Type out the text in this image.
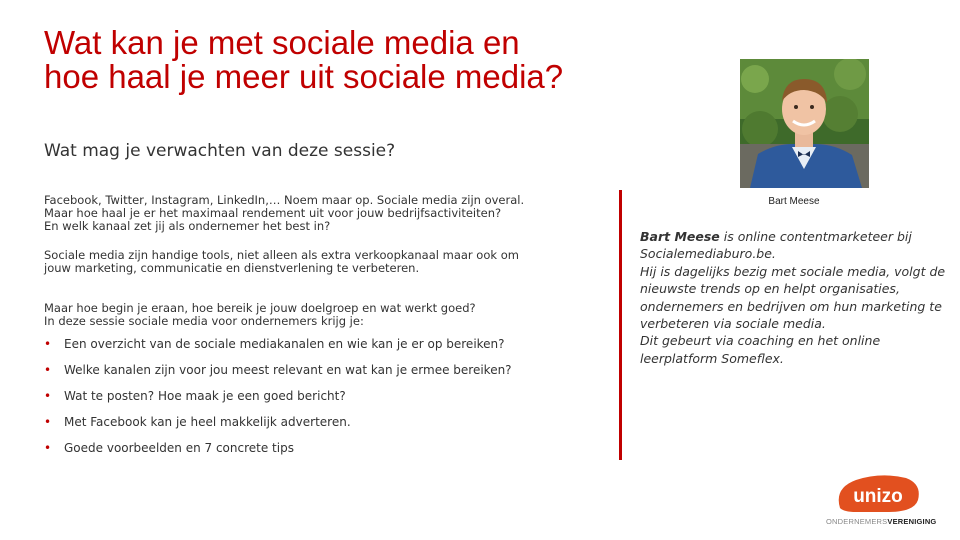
Wat kan je met sociale media en
hoe haal je meer uit sociale media?
Wat mag je verwachten van deze sessie?

Facebook, Twitter, Instagram, LinkedIn,… Noem maar op. Sociale media zijn overal.
Maar hoe haal je er het maximaal rendement uit voor jouw bedrijfsactiviteiten?
En welk kanaal zet jij als ondernemer het best in?

Sociale media zijn handige tools, niet alleen als extra verkoopkanaal maar ook om
jouw marketing, communicatie en dienstverlening te verbeteren.

Maar hoe begin je eraan, hoe bereik je jouw doelgroep en wat werkt goed?
In deze sessie sociale media voor ondernemers krijg je:

• Een overzicht van de sociale mediakanalen en wie kan je er op bereiken?
• Welke kanalen zijn voor jou meest relevant en wat kan je ermee bereiken?
• Wat te posten? Hoe maak je een goed bericht?
• Met Facebook kan je heel makkelijk adverteren.
• Goede voorbeelden en 7 concrete tips
Bart Meese

Bart Meese is online contentmarketeer bij
Socialemediaburo.be.
Hij is dagelijks bezig met sociale media, volgt de
nieuwste trends op en helpt organisaties,
ondernemers en bedrijven om hun marketing te
verbeteren via sociale media.
Dit gebeurt via coaching en het online
leerplatform Someflex.

unizo
ONDERNEMERSVERENIGING
